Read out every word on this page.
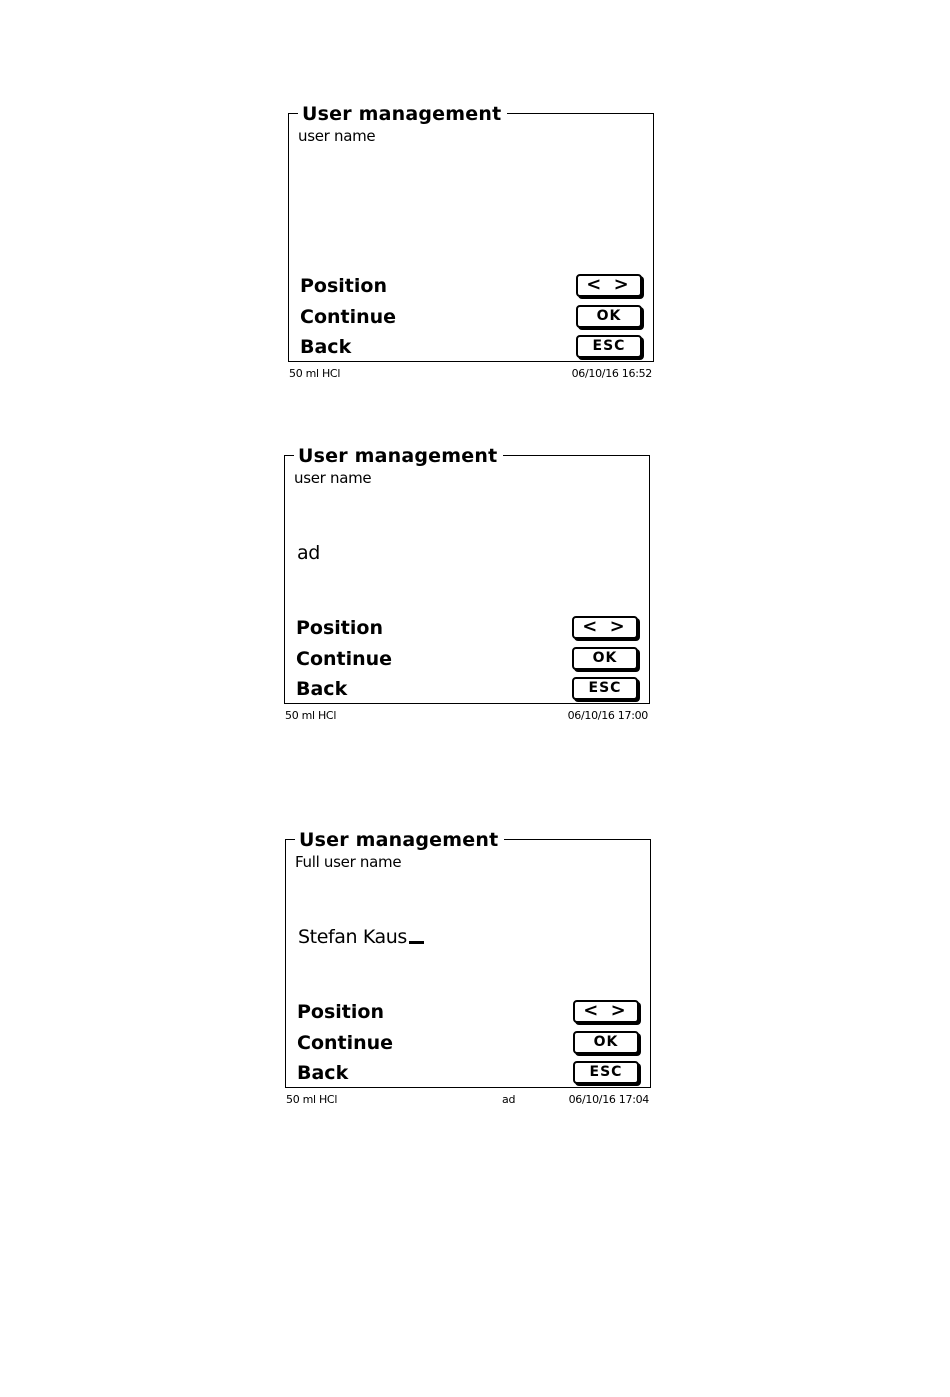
User management
user name
Position	< >
Continue	OK
Back	ESC
50 ml HCl	06/10/16 16:52
User management
user name
ad
Position	< >
Continue	OK
Back	ESC
50 ml HCl	06/10/16 17:00
User management
Full user name
Stefan Kaus
Position	< >
Continue	OK
Back	ESC
50 ml HCl	ad	06/10/16 17:04
